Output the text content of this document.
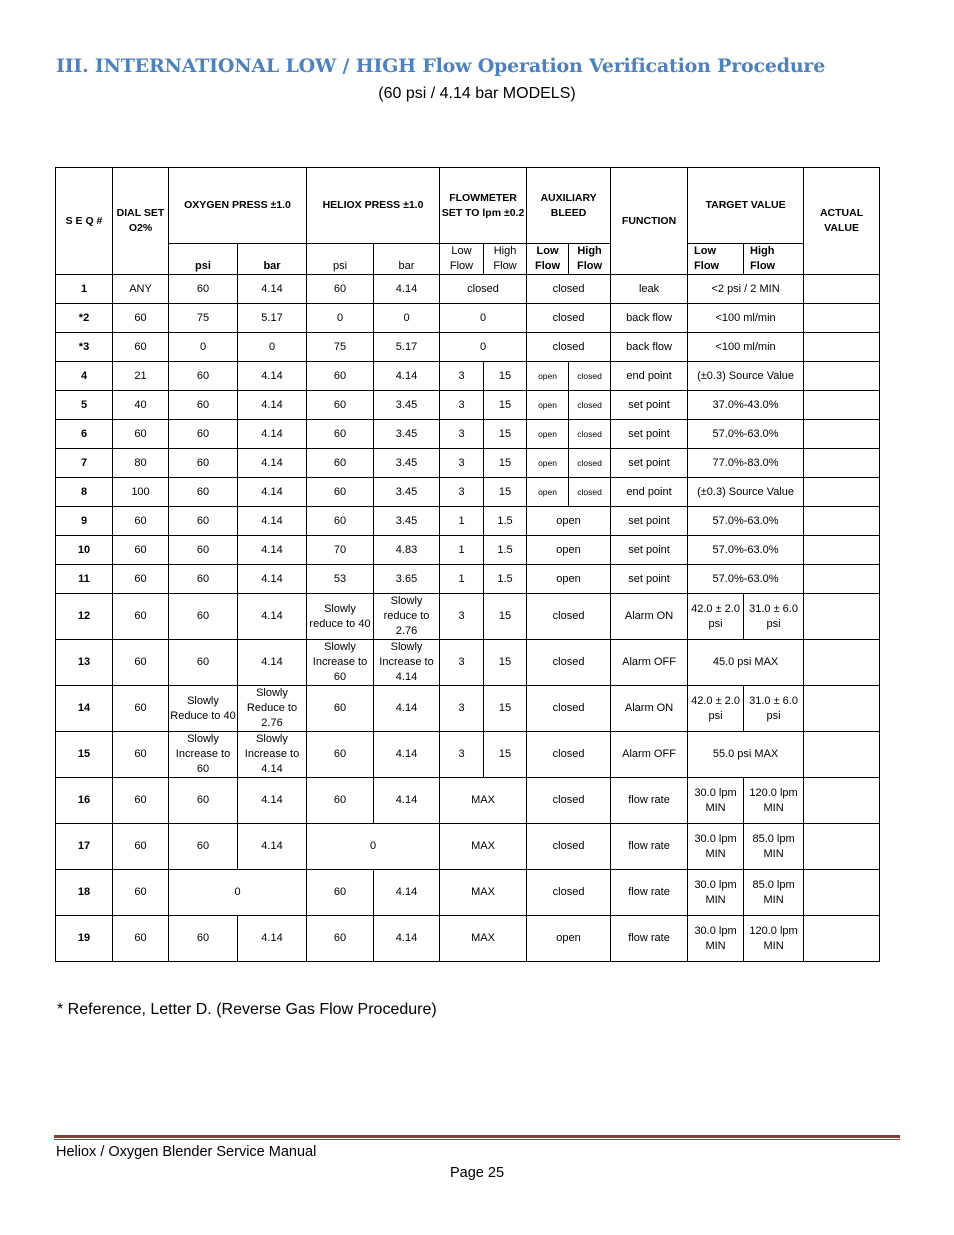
III. INTERNATIONAL LOW / HIGH Flow Operation Verification Procedure
(60 psi / 4.14 bar MODELS)
S E Q #	DIAL SET O2%	OXYGEN PRESS ±1.0		HELIOX PRESS ±1.0		FLOWMETER SET TO lpm ±0.2		AUXILIARY BLEED		FUNCTION	TARGET VALUE		ACTUAL VALUE
		psi	bar	psi	bar	Low Flow	High Flow	Low Flow	High Flow		Low Flow	High Flow	
1	ANY	60	4.14	60	4.14	closed		closed		leak	<2 psi / 2 MIN		
*2	60	75	5.17	0	0	0		closed		back flow	<100 ml/min		
*3	60	0	0	75	5.17	0		closed		back flow	<100 ml/min		
4	21	60	4.14	60	4.14	3	15	open	closed	end point	(±0.3) Source Value		
5	40	60	4.14	60	3.45	3	15	open	closed	set point	37.0%-43.0%		
6	60	60	4.14	60	3.45	3	15	open	closed	set point	57.0%-63.0%		
7	80	60	4.14	60	3.45	3	15	open	closed	set point	77.0%-83.0%		
8	100	60	4.14	60	3.45	3	15	open	closed	end point	(±0.3) Source Value		
9	60	60	4.14	60	3.45	1	1.5	open		set point	57.0%-63.0%		
10	60	60	4.14	70	4.83	1	1.5	open		set point	57.0%-63.0%		
11	60	60	4.14	53	3.65	1	1.5	open		set point	57.0%-63.0%		
12	60	60	4.14	Slowly reduce to 40	Slowly reduce to 2.76	3	15	closed		Alarm ON	42.0 ± 2.0 psi	31.0 ± 6.0 psi	
13	60	60	4.14	Slowly Increase to 60	Slowly Increase to 4.14	3	15	closed		Alarm OFF	45.0 psi MAX		
14	60	Slowly Reduce to 40	Slowly Reduce to 2.76	60	4.14	3	15	closed		Alarm ON	42.0 ± 2.0 psi	31.0 ± 6.0 psi	
15	60	Slowly Increase to 60	Slowly Increase to 4.14	60	4.14	3	15	closed		Alarm OFF	55.0 psi MAX		
16	60	60	4.14	60	4.14	MAX		closed		flow rate	30.0 lpm MIN	120.0 lpm MIN	
17	60	60	4.14	0		MAX		closed		flow rate	30.0 lpm MIN	85.0 lpm MIN	
18	60	0		60	4.14	MAX		closed		flow rate	30.0 lpm MIN	85.0 lpm MIN	
19	60	60	4.14	60	4.14	MAX		open		flow rate	30.0 lpm MIN	120.0 lpm MIN	
* Reference, Letter D. (Reverse Gas Flow Procedure)
Heliox / Oxygen Blender Service Manual
Page 25
